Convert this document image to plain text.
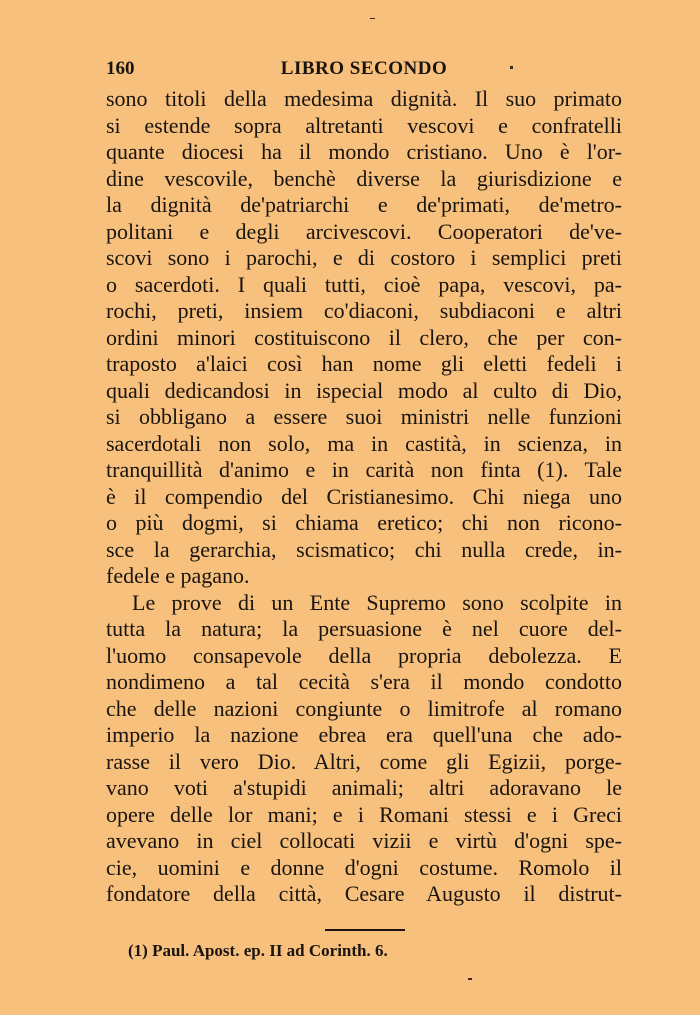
160	LIBRO SECONDO
sono titoli della medesima dignità. Il suo primato
si estende sopra altretanti vescovi e confratelli
quante diocesi ha il mondo cristiano. Uno è l'or-
dine vescovile, benchè diverse la giurisdizione e
la dignità de'patriarchi e de'primati, de'metro-
politani e degli arcivescovi. Cooperatori de've-
scovi sono i parochi, e di costoro i semplici preti
o sacerdoti. I quali tutti, cioè papa, vescovi, pa-
rochi, preti, insiem co'diaconi, subdiaconi e altri
ordini minori costituiscono il clero, che per con-
traposto a'laici così han nome gli eletti fedeli i
quali dedicandosi in ispecial modo al culto di Dio,
si obbligano a essere suoi ministri nelle funzioni
sacerdotali non solo, ma in castità, in scienza, in
tranquillità d'animo e in carità non finta (1). Tale
è il compendio del Cristianesimo. Chi niega uno
o più dogmi, si chiama eretico; chi non ricono-
sce la gerarchia, scismatico; chi nulla crede, in-
fedele e pagano.
Le prove di un Ente Supremo sono scolpite in
tutta la natura; la persuasione è nel cuore del-
l'uomo consapevole della propria debolezza. E
nondimeno a tal cecità s'era il mondo condotto
che delle nazioni congiunte o limitrofe al romano
imperio la nazione ebrea era quell'una che ado-
rasse il vero Dio. Altri, come gli Egizii, porge-
vano voti a'stupidi animali; altri adoravano le
opere delle lor mani; e i Romani stessi e i Greci
avevano in ciel collocati vizii e virtù d'ogni spe-
cie, uomini e donne d'ogni costume. Romolo il
fondatore della città, Cesare Augusto il distrut-
(1) Paul. Apost. ep. II ad Corinth. 6.
